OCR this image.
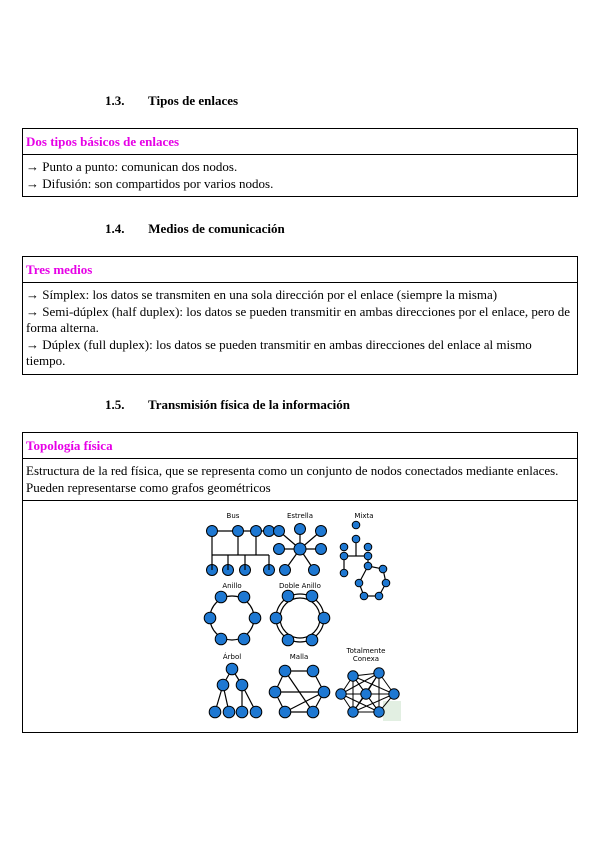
1.3. Tipos de enlaces
Dos tipos básicos de enlaces
→ Punto a punto: comunican dos nodos.
→ Difusión: son compartidos por varios nodos.
1.4. Medios de comunicación
Tres medios
→ Símplex: los datos se transmiten en una sola dirección por el enlace (siempre la misma)
→ Semi-dúplex (half duplex): los datos se pueden transmitir en ambas direcciones por el enlace, pero de forma alterna.
→ Dúplex (full duplex): los datos se pueden transmitir en ambas direcciones del enlace al mismo tiempo.
1.5. Transmisión física de la información
Topología física
Estructura de la red física, que se representa como un conjunto de nodos conectados mediante enlaces. Pueden representarse como grafos geométricos
Bus	Estrella	Mixta
Anillo	Doble Anillo
Árbol	Malla
Totalmente
Conexa
